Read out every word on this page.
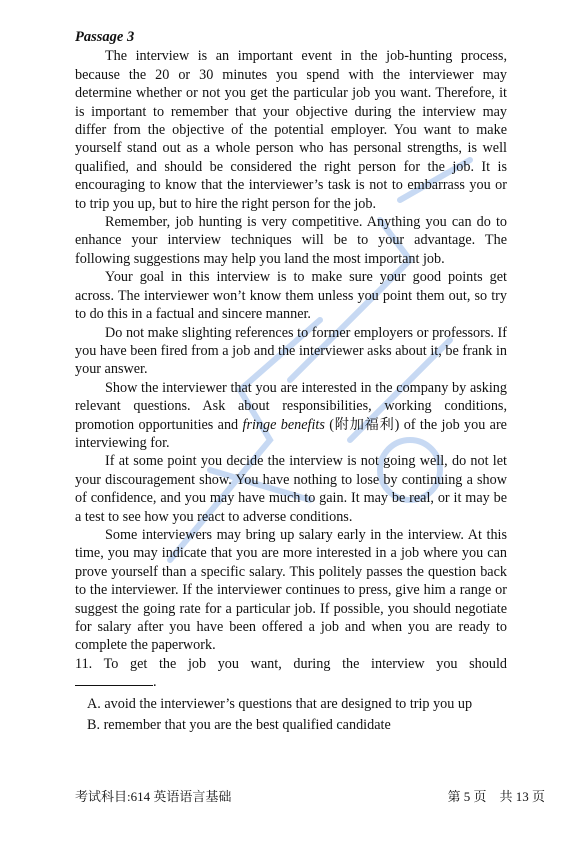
Passage 3

The interview is an important event in the job-hunting process, because the 20 or 30 minutes you spend with the interviewer may determine whether or not you get the particular job you want. Therefore, it is important to remember that your objective during the interview may differ from the objective of the potential employer. You want to make yourself stand out as a whole person who has personal strengths, is well qualified, and should be considered the right person for the job. It is encouraging to know that the interviewer’s task is not to embarrass you or to trip you up, but to hire the right person for the job.

Remember, job hunting is very competitive. Anything you can do to enhance your interview techniques will be to your advantage. The following suggestions may help you land the most important job.

Your goal in this interview is to make sure your good points get across. The interviewer won’t know them unless you point them out, so try to do this in a factual and sincere manner.

Do not make slighting references to former employers or professors. If you have been fired from a job and the interviewer asks about it, be frank in your answer.

Show the interviewer that you are interested in the company by asking relevant questions. Ask about responsibilities, working conditions, promotion opportunities and fringe benefits (附加福利) of the job you are interviewing for.

If at some point you decide the interview is not going well, do not let your discouragement show. You have nothing to lose by continuing a show of confidence, and you may have much to gain. It may be real, or it may be a test to see how you react to adverse conditions.

Some interviewers may bring up salary early in the interview. At this time, you may indicate that you are more interested in a job where you can prove yourself than a specific salary. This politely passes the question back to the interviewer. If the interviewer continues to press, give him a range or suggest the going rate for a particular job. If possible, you should negotiate for salary after you have been offered a job and when you are ready to complete the paperwork.

11. To get the job you want, during the interview you should

.
A. avoid the interviewer’s questions that are designed to trip you up
B. remember that you are the best qualified candidate
考试科目:614 英语语言基础	第 5 页　共 13 页
